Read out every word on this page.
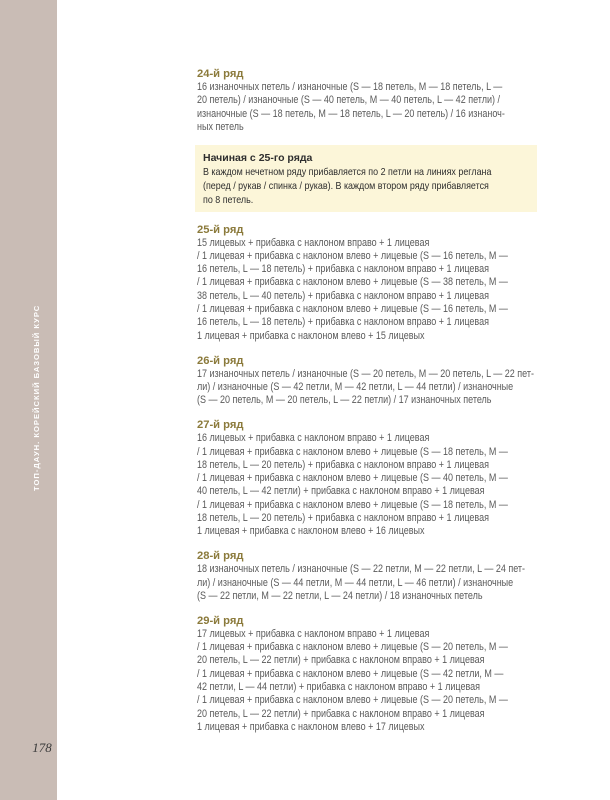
ТОП-ДАУН. КОРЕЙСКИЙ БАЗОВЫЙ КУРС
178
24-й ряд
16 изнаночных петель / изнаночные (S — 18 петель, M — 18 петель, L —
20 петель) / изнаночные (S — 40 петель, M — 40 петель, L — 42 петли) /
изнаночные (S — 18 петель, M — 18 петель, L — 20 петель) / 16 изнаноч-
ных петель
Начиная с 25-го ряда
В каждом нечетном ряду прибавляется по 2 петли на линиях реглана
(перед / рукав / спинка / рукав). В каждом втором ряду прибавляется
по 8 петель.
25-й ряд
15 лицевых + прибавка с наклоном вправо + 1 лицевая
/ 1 лицевая + прибавка с наклоном влево + лицевые (S — 16 петель, M —
16 петель, L — 18 петель) + прибавка с наклоном вправо + 1 лицевая
/ 1 лицевая + прибавка с наклоном влево + лицевые (S — 38 петель, M —
38 петель, L — 40 петель) + прибавка с наклоном вправо + 1 лицевая
/ 1 лицевая + прибавка с наклоном влево + лицевые (S — 16 петель, M —
16 петель, L — 18 петель) + прибавка с наклоном вправо + 1 лицевая
1 лицевая + прибавка с наклоном влево + 15 лицевых
26-й ряд
17 изнаночных петель / изнаночные (S — 20 петель, M — 20 петель, L — 22 пет-
ли) / изнаночные (S — 42 петли, M — 42 петли, L — 44 петли) / изнаночные
(S — 20 петель, M — 20 петель, L — 22 петли) / 17 изнаночных петель
27-й ряд
16 лицевых + прибавка с наклоном вправо + 1 лицевая
/ 1 лицевая + прибавка с наклоном влево + лицевые (S — 18 петель, M —
18 петель, L — 20 петель) + прибавка с наклоном вправо + 1 лицевая
/ 1 лицевая + прибавка с наклоном влево + лицевые (S — 40 петель, M —
40 петель, L — 42 петли) + прибавка с наклоном вправо + 1 лицевая
/ 1 лицевая + прибавка с наклоном влево + лицевые (S — 18 петель, M —
18 петель, L — 20 петель) + прибавка с наклоном вправо + 1 лицевая
1 лицевая + прибавка с наклоном влево + 16 лицевых
28-й ряд
18 изнаночных петель / изнаночные (S — 22 петли, M — 22 петли, L — 24 пет-
ли) / изнаночные (S — 44 петли, M — 44 петли, L — 46 петли) / изнаночные
(S — 22 петли, M — 22 петли, L — 24 петли) / 18 изнаночных петель
29-й ряд
17 лицевых + прибавка с наклоном вправо + 1 лицевая
/ 1 лицевая + прибавка с наклоном влево + лицевые (S — 20 петель, M —
20 петель, L — 22 петли) + прибавка с наклоном вправо + 1 лицевая
/ 1 лицевая + прибавка с наклоном влево + лицевые (S — 42 петли, M —
42 петли, L — 44 петли) + прибавка с наклоном вправо + 1 лицевая
/ 1 лицевая + прибавка с наклоном влево + лицевые (S — 20 петель, M —
20 петель, L — 22 петли) + прибавка с наклоном вправо + 1 лицевая
1 лицевая + прибавка с наклоном влево + 17 лицевых
